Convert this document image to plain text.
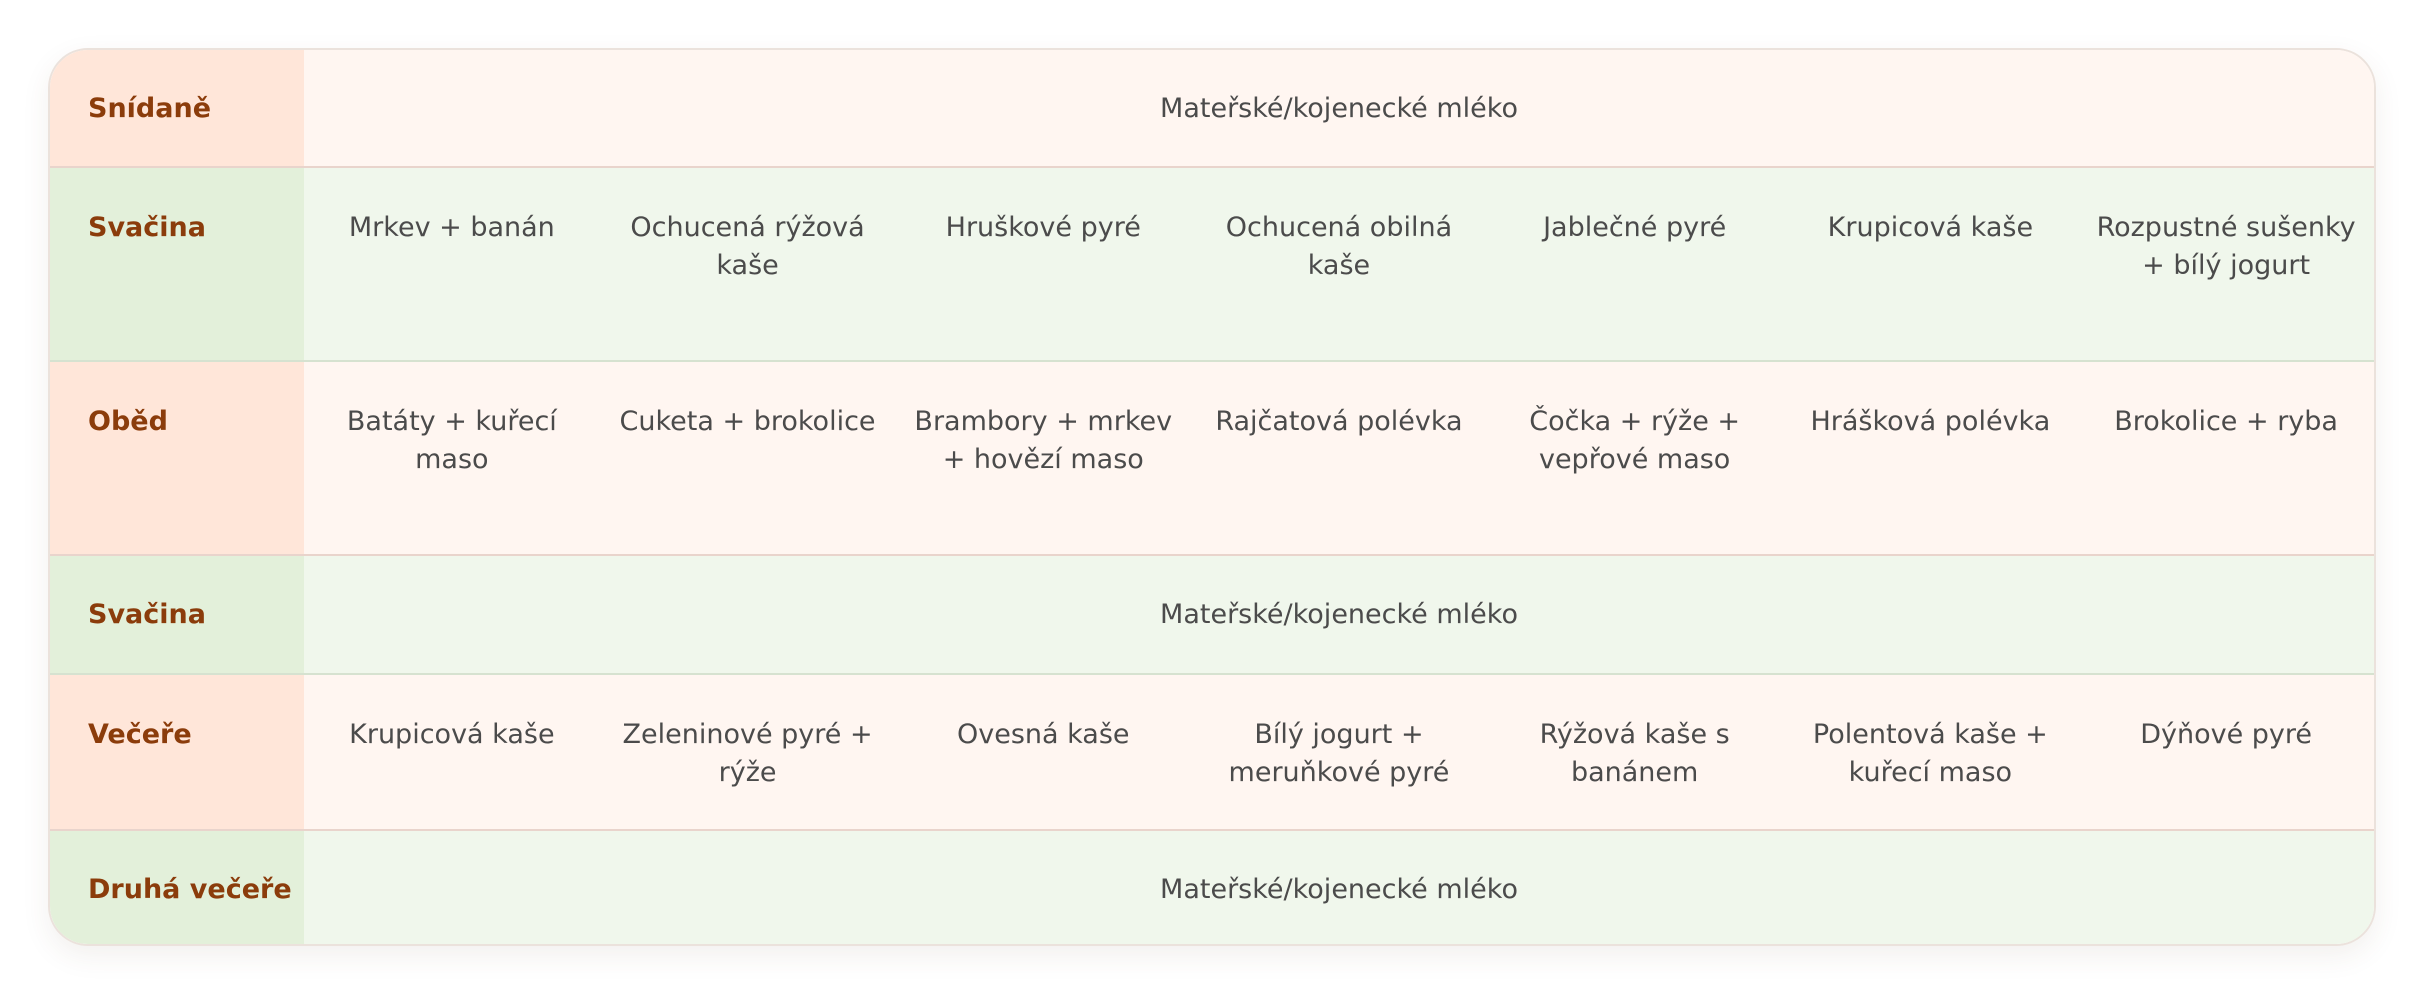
Snídaně	Mateřské/kojenecké mléko						
Svačina	Mrkev + banán	Ochucená rýžová kaše	Hruškové pyré	Ochucená obilná kaše	Jablečné pyré	Krupicová kaše	Rozpustné sušenky + bílý jogurt
Oběd	Batáty + kuřecí maso	Cuketa + brokolice	Brambory + mrkev + hovězí maso	Rajčatová polévka	Čočka + rýže + vepřové maso	Hrášková polévka	Brokolice + ryba
Svačina	Mateřské/kojenecké mléko						
Večeře	Krupicová kaše	Zeleninové pyré + rýže	Ovesná kaše	Bílý jogurt + meruňkové pyré	Rýžová kaše s banánem	Polentová kaše + kuřecí maso	Dýňové pyré
Druhá večeře	Mateřské/kojenecké mléko						
